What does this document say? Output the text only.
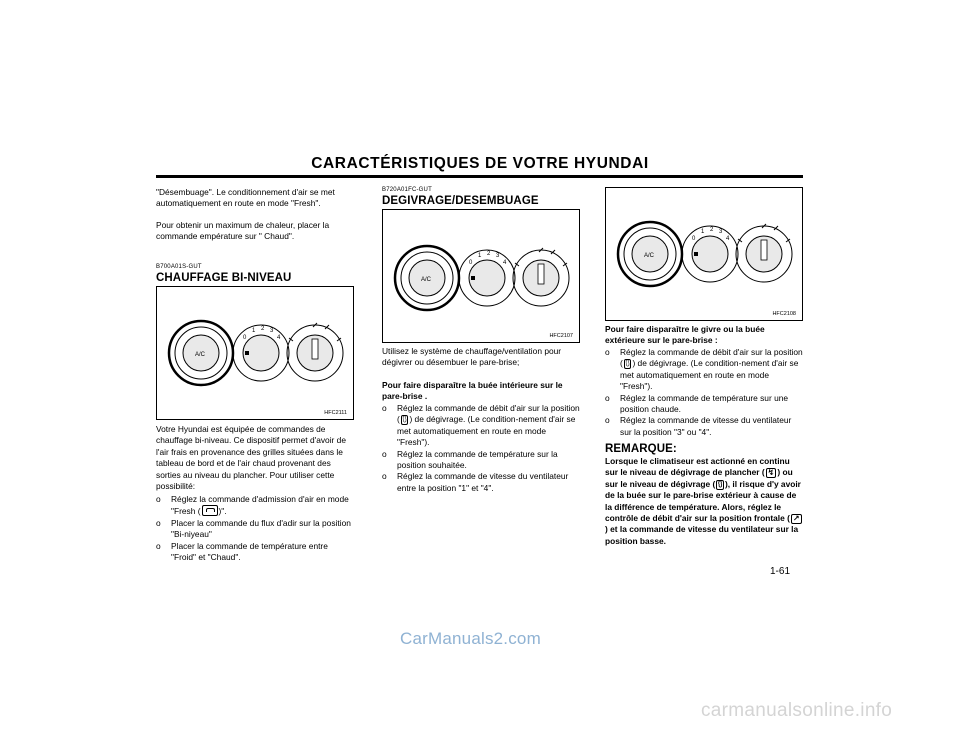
CARACTÉRISTIQUES DE VOTRE HYUNDAI
"Désembuage". Le conditionnement d'air se met automatiquement en route en mode "Fresh".
Pour obtenir un maximum de chaleur, placer la commande empérature sur " Chaud".
B700A01S-GUT
CHAUFFAGE BI-NIVEAU
A/C
0
1 2 3
4
HFC2111
Votre Hyundai est équipée de commandes de chauffage bi-niveau. Ce dispositif permet d'avoir de l'air frais en provenance des grilles situées dans le tableau de bord et de l'air chaud provenant des sorties au niveau du plancher. Pour utiliser cette possibilité:
o Réglez la commande d'admission d'air en mode "Fresh ( )".
o Placer la commande du flux d'adir sur la position "Bi-niyeau"
o Placer la commande de température entre "Froid" et "Chaud".
B720A01FC-GUT
DEGIVRAGE/DESEMBUAGE
A/C
0
1 2 3
4
HFC2107
Utilisez le système de chauffage/ventilation pour dégivrer ou désembuer le pare-brise;
Pour faire disparaître la buée intérieure sur le pare-brise .
o Réglez la commande de débit d'air sur la position ( ⩇ ) de dégivrage. (Le condition-nement d'air se met automatiquement en route en mode "Fresh").
o Réglez la commande de température sur la position souhaitée.
o Réglez la commande de vitesse du ventilateur entre la position "1" et "4".
A/C
0
1 2 3
4
HFC2108
Pour faire disparaître le givre ou la buée extérieure sur le pare-brise :
o Réglez la commande de débit d'air sur la position ( ⩇ ) de dégivrage. (Le condition-nement d'air se met automatiquement en route en mode "Fresh").
o Réglez la commande de température sur une position chaude.
o Réglez la commande de vitesse du ventilateur sur la position "3" ou "4".
REMARQUE:
Lorsque le climatiseur est actionné en continu sur le niveau de dégivrage de plancher ( ↯ ) ou sur le niveau de dégivrage ( ⩇ ), il risque d'y avoir de la buée sur le pare-brise extérieur à cause de la différence de température. Alors, réglez le contrôle de débit d'air sur la position frontale ( ↗) et la commande de vitesse du ventilateur sur la position basse.
1-61
CarManuals2.com
carmanualsonline.info
